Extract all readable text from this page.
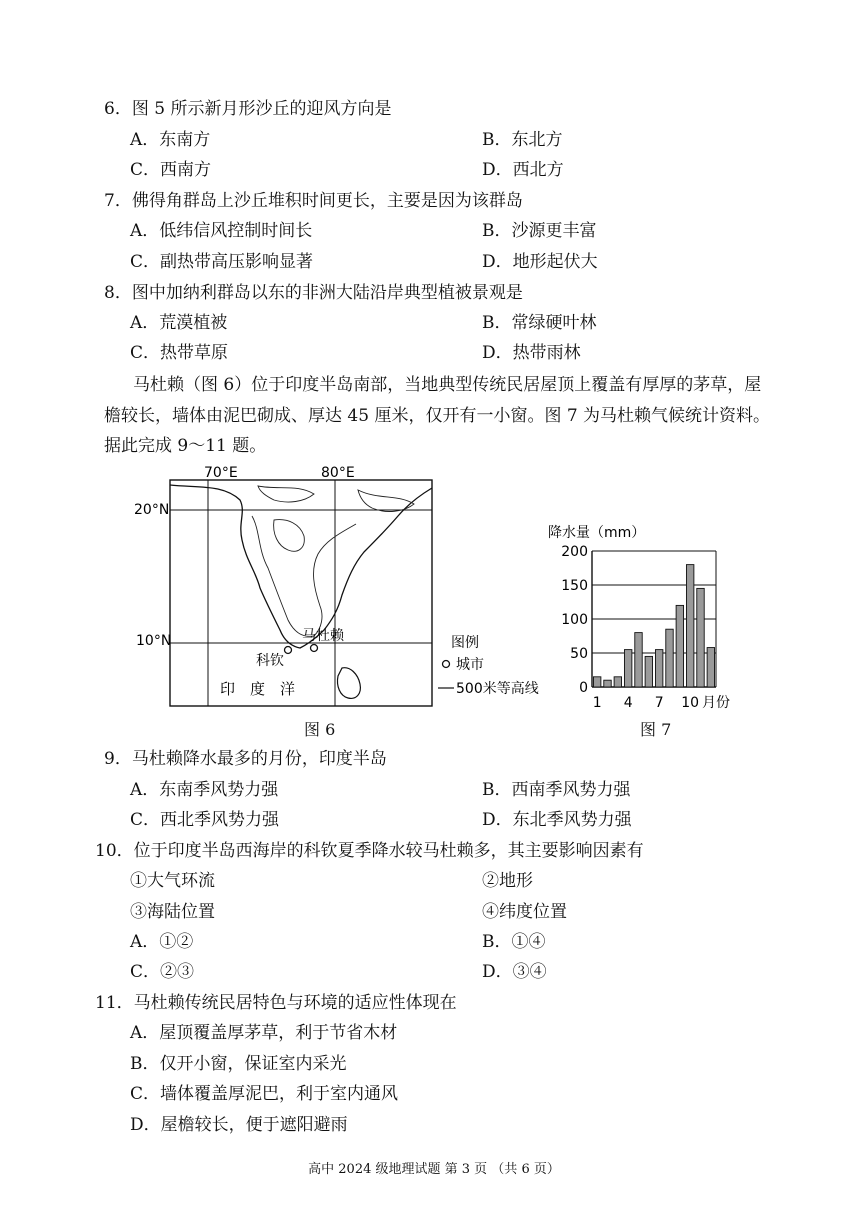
6．图 5 所示新月形沙丘的迎风方向是
A．东南方	B．东北方
C．西南方	D．西北方
7．佛得角群岛上沙丘堆积时间更长，主要是因为该群岛
A．低纬信风控制时间长	B．沙源更丰富
C．副热带高压影响显著	D．地形起伏大
8．图中加纳利群岛以东的非洲大陆沿岸典型植被景观是
A．荒漠植被	B．常绿硬叶林
C．热带草原	D．热带雨林
马杜赖（图 6）位于印度半岛南部，当地典型传统民居屋顶上覆盖有厚厚的茅草，屋
檐较长，墙体由泥巴砌成、厚达 45 厘米，仅开有一小窗。图 7 为马杜赖气候统计资料。
据此完成 9～11 题。
70°E	80°E
20°N
10°N	马杜赖
科钦
印　度　洋
图例
城市
500米等高线
图 6
降水量（mm）
0
50
100
150
200
1 4 7 10 月份
图 7
9．马杜赖降水最多的月份，印度半岛
A．东南季风势力强	B．西南季风势力强
C．西北季风势力强	D．东北季风势力强
10．位于印度半岛西海岸的科钦夏季降水较马杜赖多，其主要影响因素有
①大气环流	②地形
③海陆位置	④纬度位置
A．①②	B．①④
C．②③	D．③④
11．马杜赖传统民居特色与环境的适应性体现在
A．屋顶覆盖厚茅草，利于节省木材
B．仅开小窗，保证室内采光
C．墙体覆盖厚泥巴，利于室内通风
D．屋檐较长，便于遮阳避雨
高中 2024 级地理试题 第 3 页 （共 6 页）
